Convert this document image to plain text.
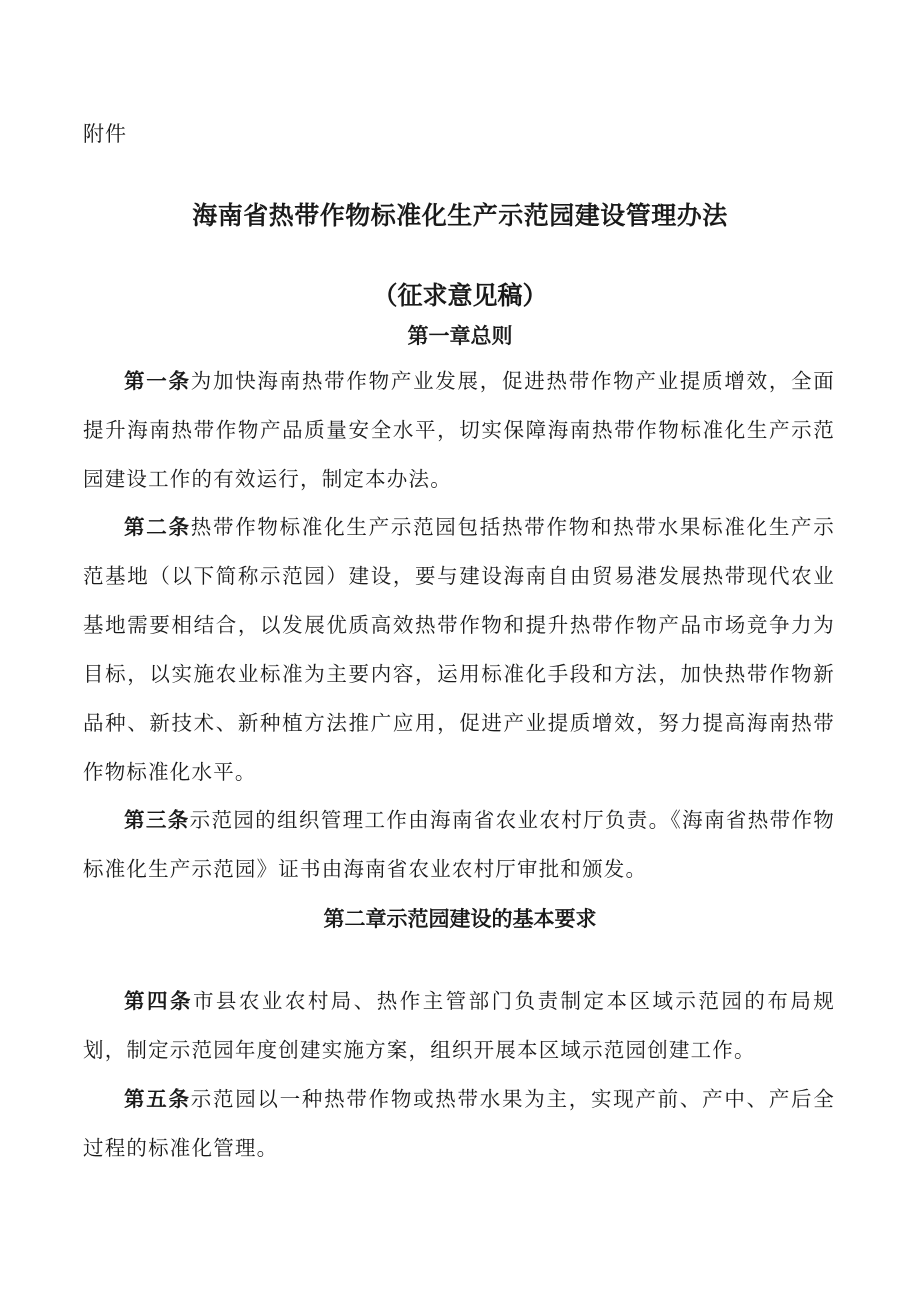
附件
海南省热带作物标准化生产示范园建设管理办法
（征求意见稿）
第一章总则

第一条为加快海南热带作物产业发展，促进热带作物产业提质增效，全面提升海南热带作物产品质量安全水平，切实保障海南热带作物标准化生产示范园建设工作的有效运行，制定本办法。

第二条热带作物标准化生产示范园包括热带作物和热带水果标准化生产示范基地（以下简称示范园）建设，要与建设海南自由贸易港发展热带现代农业基地需要相结合，以发展优质高效热带作物和提升热带作物产品市场竞争力为目标，以实施农业标准为主要内容，运用标准化手段和方法，加快热带作物新品种、新技术、新种植方法推广应用，促进产业提质增效，努力提高海南热带作物标准化水平。

第三条示范园的组织管理工作由海南省农业农村厅负责。《海南省热带作物标准化生产示范园》证书由海南省农业农村厅审批和颁发。

第二章示范园建设的基本要求

第四条市县农业农村局、热作主管部门负责制定本区域示范园的布局规划，制定示范园年度创建实施方案，组织开展本区域示范园创建工作。

第五条示范园以一种热带作物或热带水果为主，实现产前、产中、产后全过程的标准化管理。
